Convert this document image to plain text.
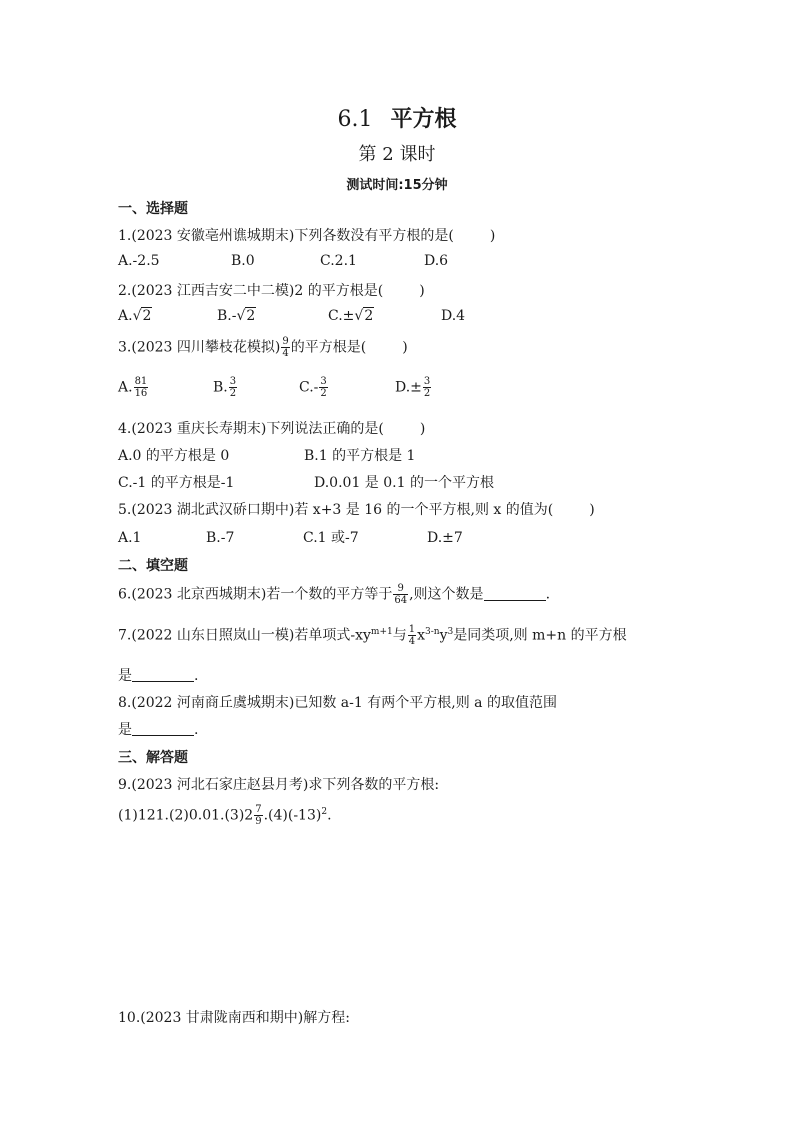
6.1 平方根
第 2 课时
测试时间:15分钟
一、选择题
1.(2023 安徽亳州谯城期末)下列各数没有平方根的是(	)
A.-2.5	B.0	C.2.1	D.6
2.(2023 江西吉安二中二模)2 的平方根是(	)
A.√2	B.-√2	C.±√2	D.4
3.(2023 四川攀枝花模拟) $\frac{9}{4}$ 的平方根是(	)
A. $\frac{81}{16}$	B. $\frac{3}{2}$	$C.- \frac{3}{2}$	$D.\pm \frac{3}{2}$
4.(2023 重庆长寿期末)下列说法正确的是(	)
A.0 的平方根是 0	B.1 的平方根是 1
C.-1 的平方根是-1	D.0.01 是 0.1 的一个平方根
5.(2023 湖北武汉硚口期中)若 x+3 是 16 的一个平方根,则 x 的值为(	)
A.1	B.-7	C.1 或-7	D.±7
二、填空题
6.(2023 北京西城期末)若一个数的平方等于 $\frac{9}{64}$ ,则这个数是	.
7.(2022 山东日照岚山一模)若单项式$-xy^{m+1}$与 $\frac{1}{4} x^{3-n}y^3$是同类项,则 m+n 的平方根
是	.
8.(2022 河南商丘虞城期末)已知数 a-1 有两个平方根,则 a 的取值范围
是	.
三、解答题
9.(2023 河北石家庄赵县月考)求下列各数的平方根:
$(1)121.(2)0.01.(3)2 \frac{7}{9} .(4)(-13)^2$.
10.(2023 甘肃陇南西和期中)解方程:
